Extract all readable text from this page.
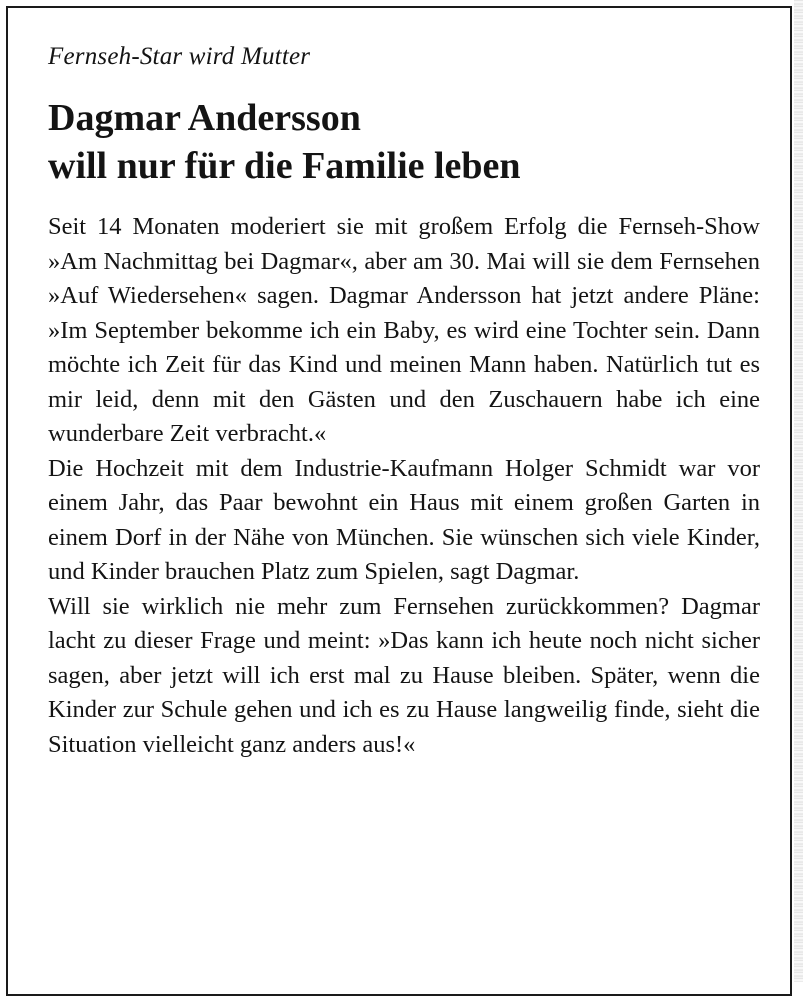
Fernseh-Star wird Mutter
Dagmar Andersson
will nur für die Familie leben

Seit 14 Monaten moderiert sie mit großem Erfolg die Fernseh-Show »Am Nachmittag bei Dagmar«, aber am 30. Mai will sie dem Fernsehen »Auf Wiedersehen« sagen. Dagmar Andersson hat jetzt andere Pläne: »Im September bekomme ich ein Baby, es wird eine Tochter sein. Dann möchte ich Zeit für das Kind und meinen Mann haben. Natürlich tut es mir leid, denn mit den Gästen und den Zuschauern habe ich eine wunderbare Zeit verbracht.«

Die Hochzeit mit dem Industrie-Kaufmann Holger Schmidt war vor einem Jahr, das Paar bewohnt ein Haus mit einem großen Garten in einem Dorf in der Nähe von München. Sie wünschen sich viele Kinder, und Kinder brauchen Platz zum Spielen, sagt Dagmar.

Will sie wirklich nie mehr zum Fernsehen zurückkommen? Dagmar lacht zu dieser Frage und meint: »Das kann ich heute noch nicht sicher sagen, aber jetzt will ich erst mal zu Hause bleiben. Später, wenn die Kinder zur Schule gehen und ich es zu Hause langweilig finde, sieht die Situation vielleicht ganz anders aus!«
